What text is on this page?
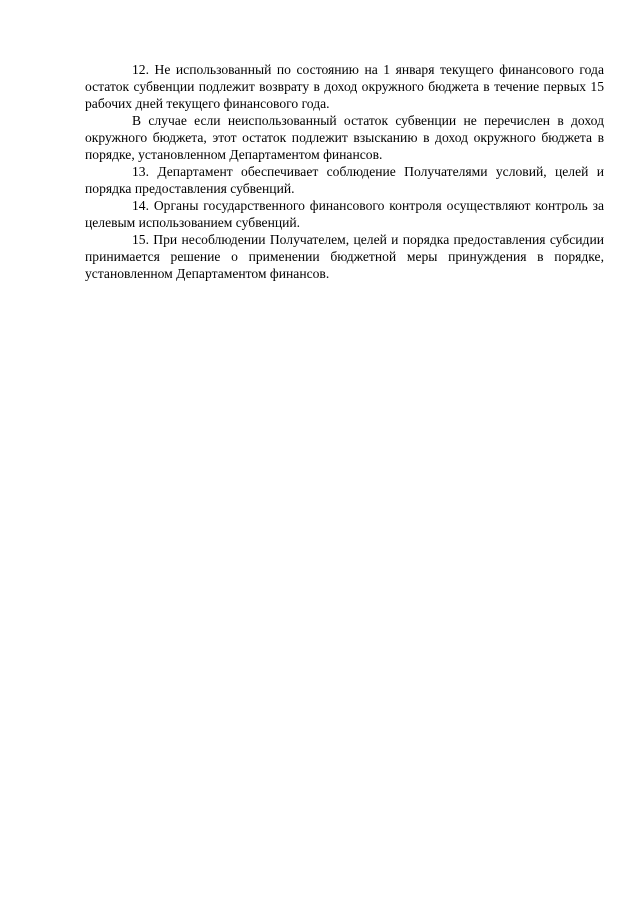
12. Не использованный по состоянию на 1 января текущего финансового года остаток субвенции подлежит возврату в доход окружного бюджета в течение первых 15 рабочих дней текущего финансового года.

В случае если неиспользованный остаток субвенции не перечислен в доход окружного бюджета, этот остаток подлежит взысканию в доход окружного бюджета в порядке, установленном Департаментом финансов.

13. Департамент обеспечивает соблюдение Получателями условий, целей и порядка предоставления субвенций.

14. Органы государственного финансового контроля осуществляют контроль за целевым использованием субвенций.

15. При несоблюдении Получателем, целей и порядка предоставления субсидии принимается решение о применении бюджетной меры принуждения в порядке, установленном Департаментом финансов.
